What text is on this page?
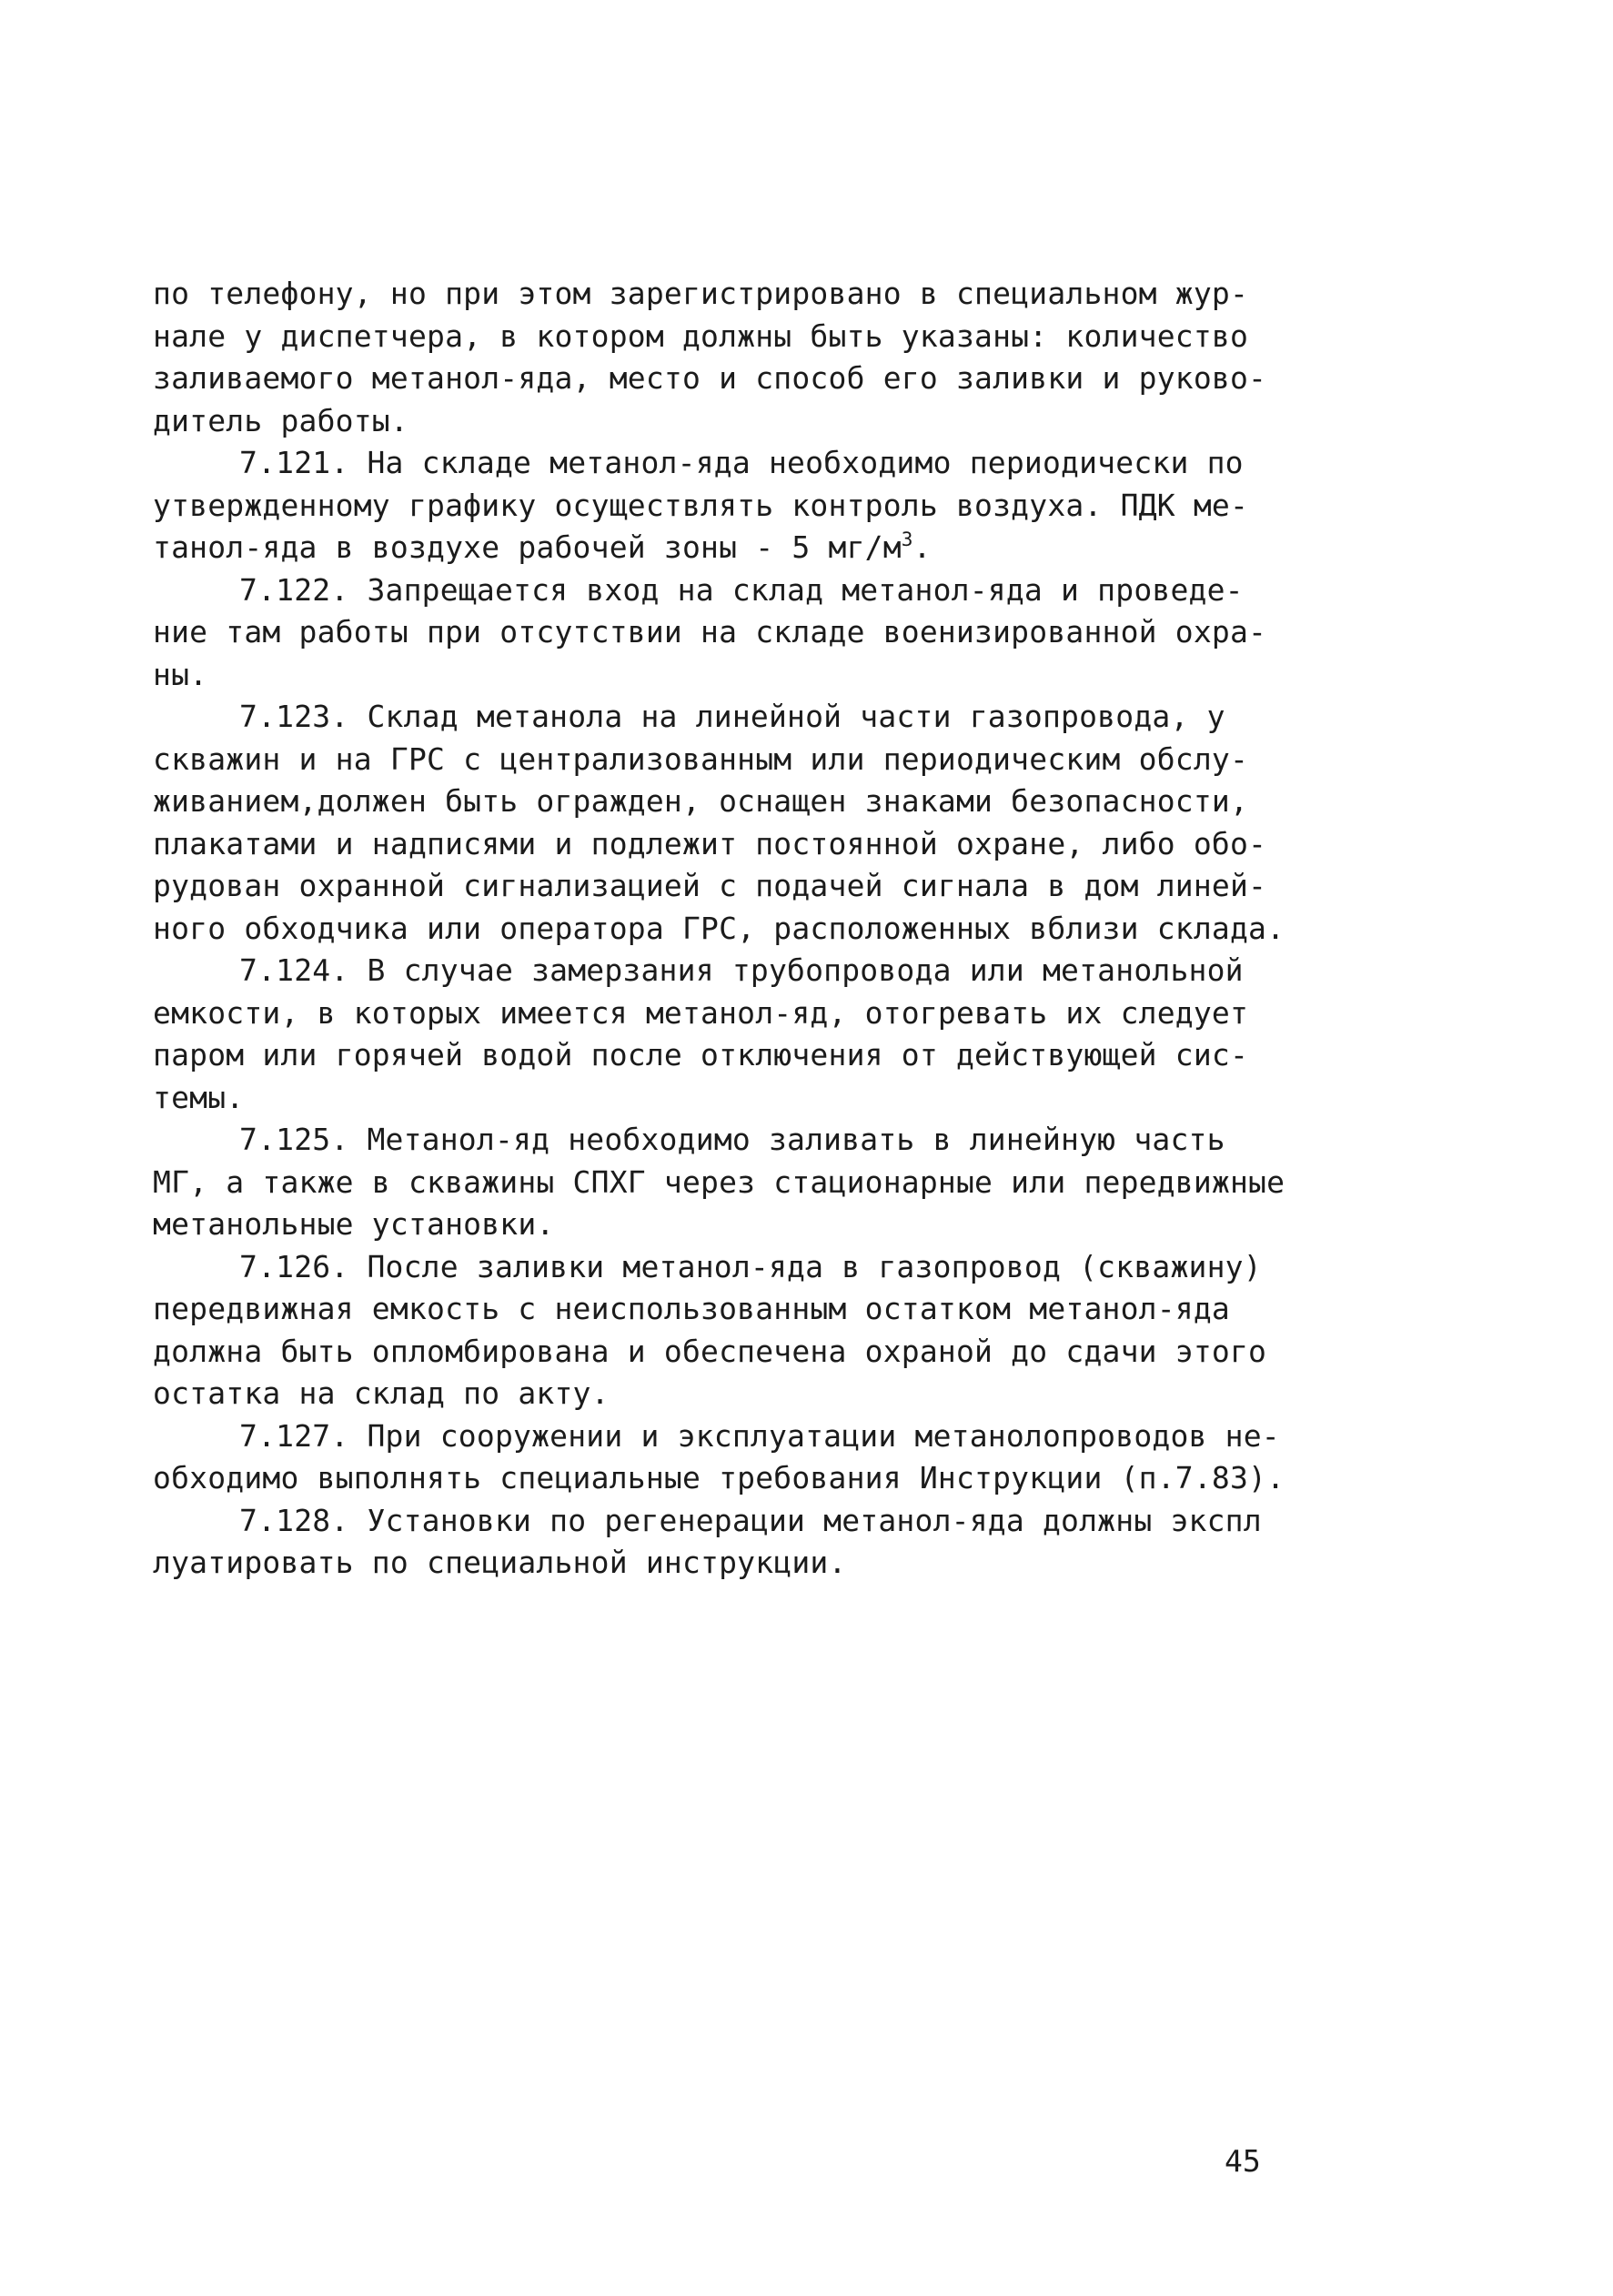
по телефону, но при этом зарегистрировано в специальном жур-
нале у диспетчера, в котором должны быть указаны: количество
заливаемого метанол-яда, место и способ его заливки и руково-
дитель работы.

7.121. На складе метанол-яда необходимо периодически по
утвержденному графику осуществлять контроль воздуха. ПДК ме-
танол-яда в воздухе рабочей зоны - 5 $мг/м^3$.

7.122. Запрещается вход на склад метанол-яда и проведе-
ние там работы при отсутствии на складе военизированной охра-
ны.

7.123. Склад метанола на линейной части газопровода, у
скважин и на ГРС с централизованным или периодическим обслу-
живанием,должен быть огражден, оснащен знаками безопасности,
плакатами и надписями и подлежит постоянной охране, либо обо-
рудован охранной сигнализацией с подачей сигнала в дом линей-
ного обходчика или оператора ГРС, расположенных вблизи склада.

7.124. В случае замерзания трубопровода или метанольной
емкости, в которых имеется метанол-яд, отогревать их следует
паром или горячей водой после отключения от действующей сис-
темы.

7.125. Метанол-яд необходимо заливать в линейную часть
МГ, а также в скважины СПХГ через стационарные или передвижные
метанольные установки.

7.126. После заливки метанол-яда в газопровод (скважину)
передвижная емкость с неиспользованным остатком метанол-яда
должна быть опломбирована и обеспечена охраной до сдачи этого
остатка на склад по акту.

7.127. При сооружении и эксплуатации метанолопроводов не-
обходимо выполнять специальные требования Инструкции (п.7.83).

7.128. Установки по регенерации метанол-яда должны экспл
луатировать по специальной инструкции.

45
